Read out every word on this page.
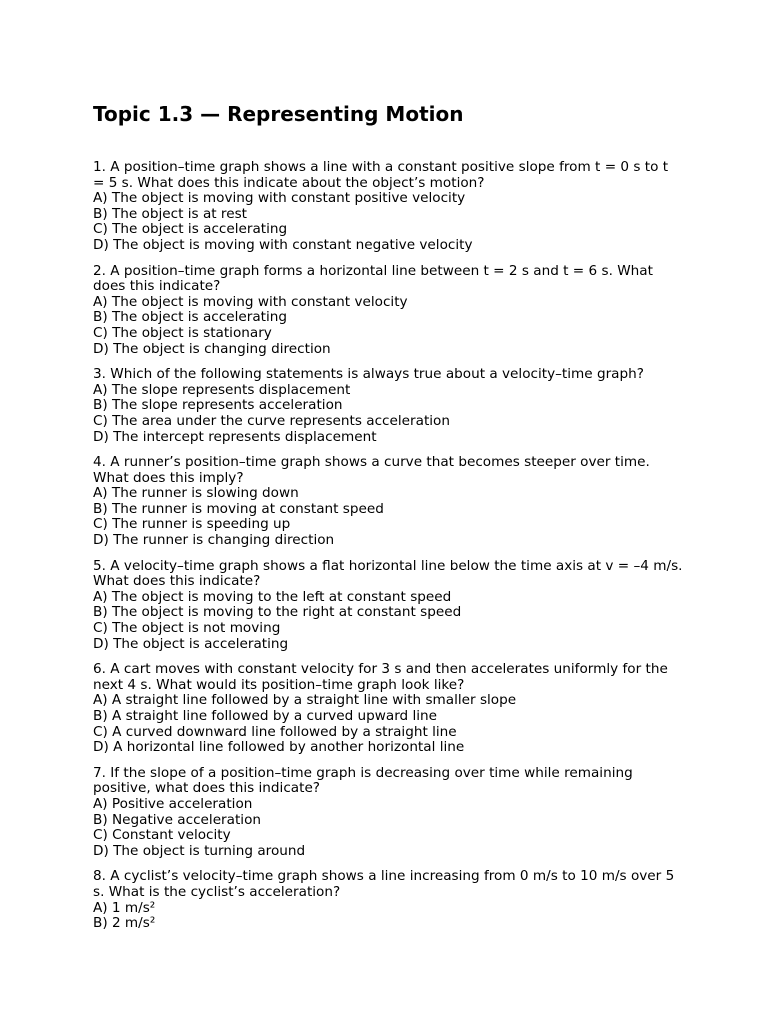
Topic 1.3 — Representing Motion

1. A position–time graph shows a line with a constant positive slope from t = 0 s to t = 5 s. What does this indicate about the object’s motion?

A) The object is moving with constant positive velocity
B) The object is at rest
C) The object is accelerating
D) The object is moving with constant negative velocity

2. A position–time graph forms a horizontal line between t = 2 s and t = 6 s. What does this indicate?

A) The object is moving with constant velocity
B) The object is accelerating
C) The object is stationary
D) The object is changing direction

3. Which of the following statements is always true about a velocity–time graph?

A) The slope represents displacement
B) The slope represents acceleration
C) The area under the curve represents acceleration
D) The intercept represents displacement

4. A runner’s position–time graph shows a curve that becomes steeper over time. What does this imply?

A) The runner is slowing down
B) The runner is moving at constant speed
C) The runner is speeding up
D) The runner is changing direction

5. A velocity–time graph shows a flat horizontal line below the time axis at v = –4 m/s. What does this indicate?

A) The object is moving to the left at constant speed
B) The object is moving to the right at constant speed
C) The object is not moving
D) The object is accelerating

6. A cart moves with constant velocity for 3 s and then accelerates uniformly for the next 4 s. What would its position–time graph look like?

A) A straight line followed by a straight line with smaller slope
B) A straight line followed by a curved upward line
C) A curved downward line followed by a straight line
D) A horizontal line followed by another horizontal line

7. If the slope of a position–time graph is decreasing over time while remaining positive, what does this indicate?

A) Positive acceleration
B) Negative acceleration
C) Constant velocity
D) The object is turning around

8. A cyclist’s velocity–time graph shows a line increasing from 0 m/s to 10 m/s over 5 s. What is the cyclist’s acceleration?

A) 1 m/s²
B) 2 m/s²
